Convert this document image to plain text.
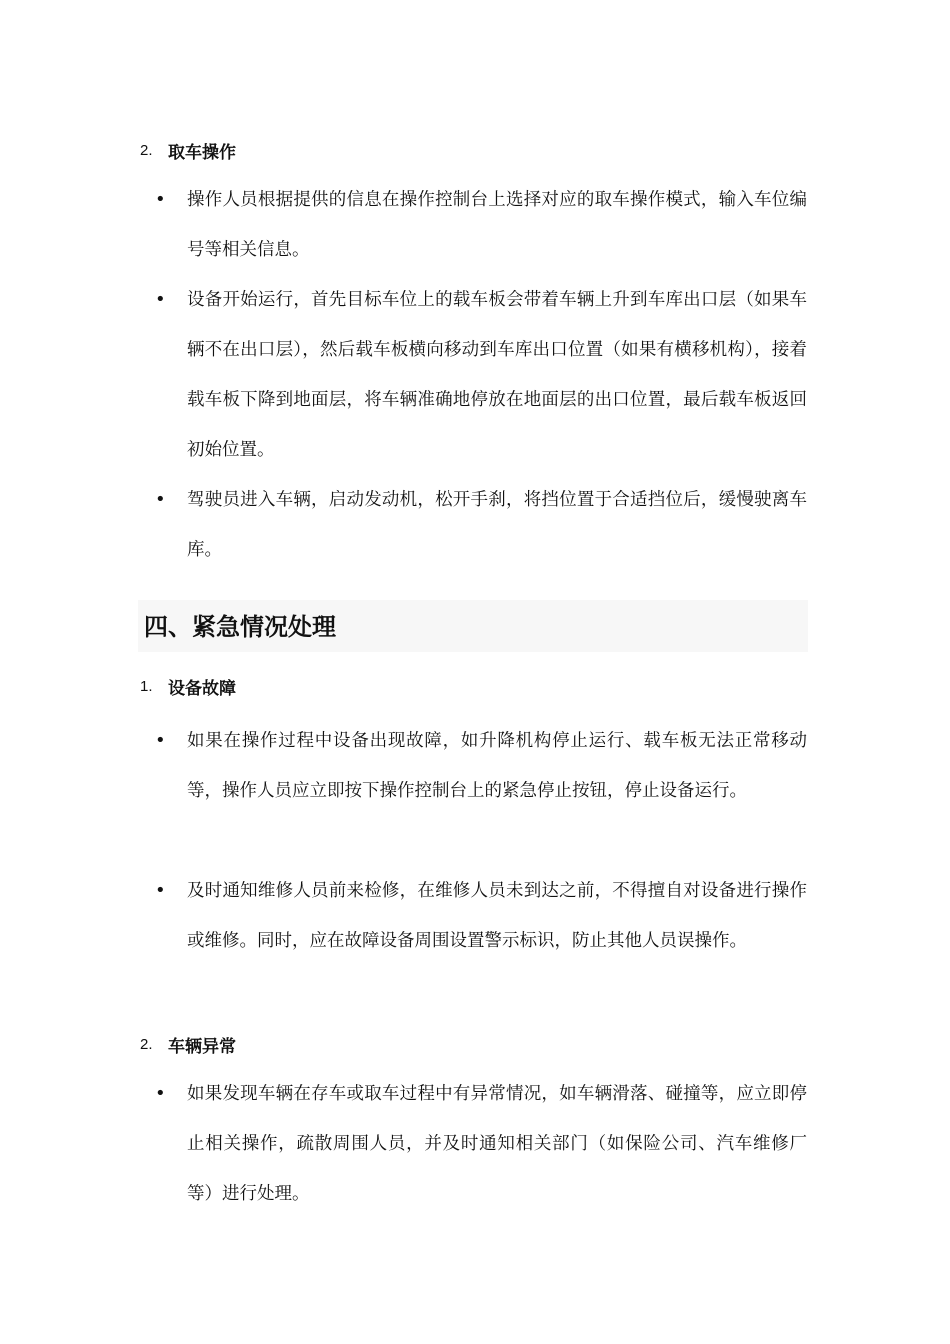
2. 取车操作
• 操作人员根据提供的信息在操作控制台上选择对应的取车操作模式，输入车位编号等相关信息。
• 设备开始运行，首先目标车位上的载车板会带着车辆上升到车库出口层（如果车辆不在出口层），然后载车板横向移动到车库出口位置（如果有横移机构），接着载车板下降到地面层，将车辆准确地停放在地面层的出口位置，最后载车板返回初始位置。
• 驾驶员进入车辆，启动发动机，松开手刹，将挡位置于合适挡位后，缓慢驶离车库。
四、紧急情况处理
1. 设备故障
• 如果在操作过程中设备出现故障，如升降机构停止运行、载车板无法正常移动等，操作人员应立即按下操作控制台上的紧急停止按钮，停止设备运行。
• 及时通知维修人员前来检修，在维修人员未到达之前，不得擅自对设备进行操作或维修。同时，应在故障设备周围设置警示标识，防止其他人员误操作。
2. 车辆异常
• 如果发现车辆在存车或取车过程中有异常情况，如车辆滑落、碰撞等，应立即停止相关操作，疏散周围人员，并及时通知相关部门（如保险公司、汽车维修厂等）进行处理。
